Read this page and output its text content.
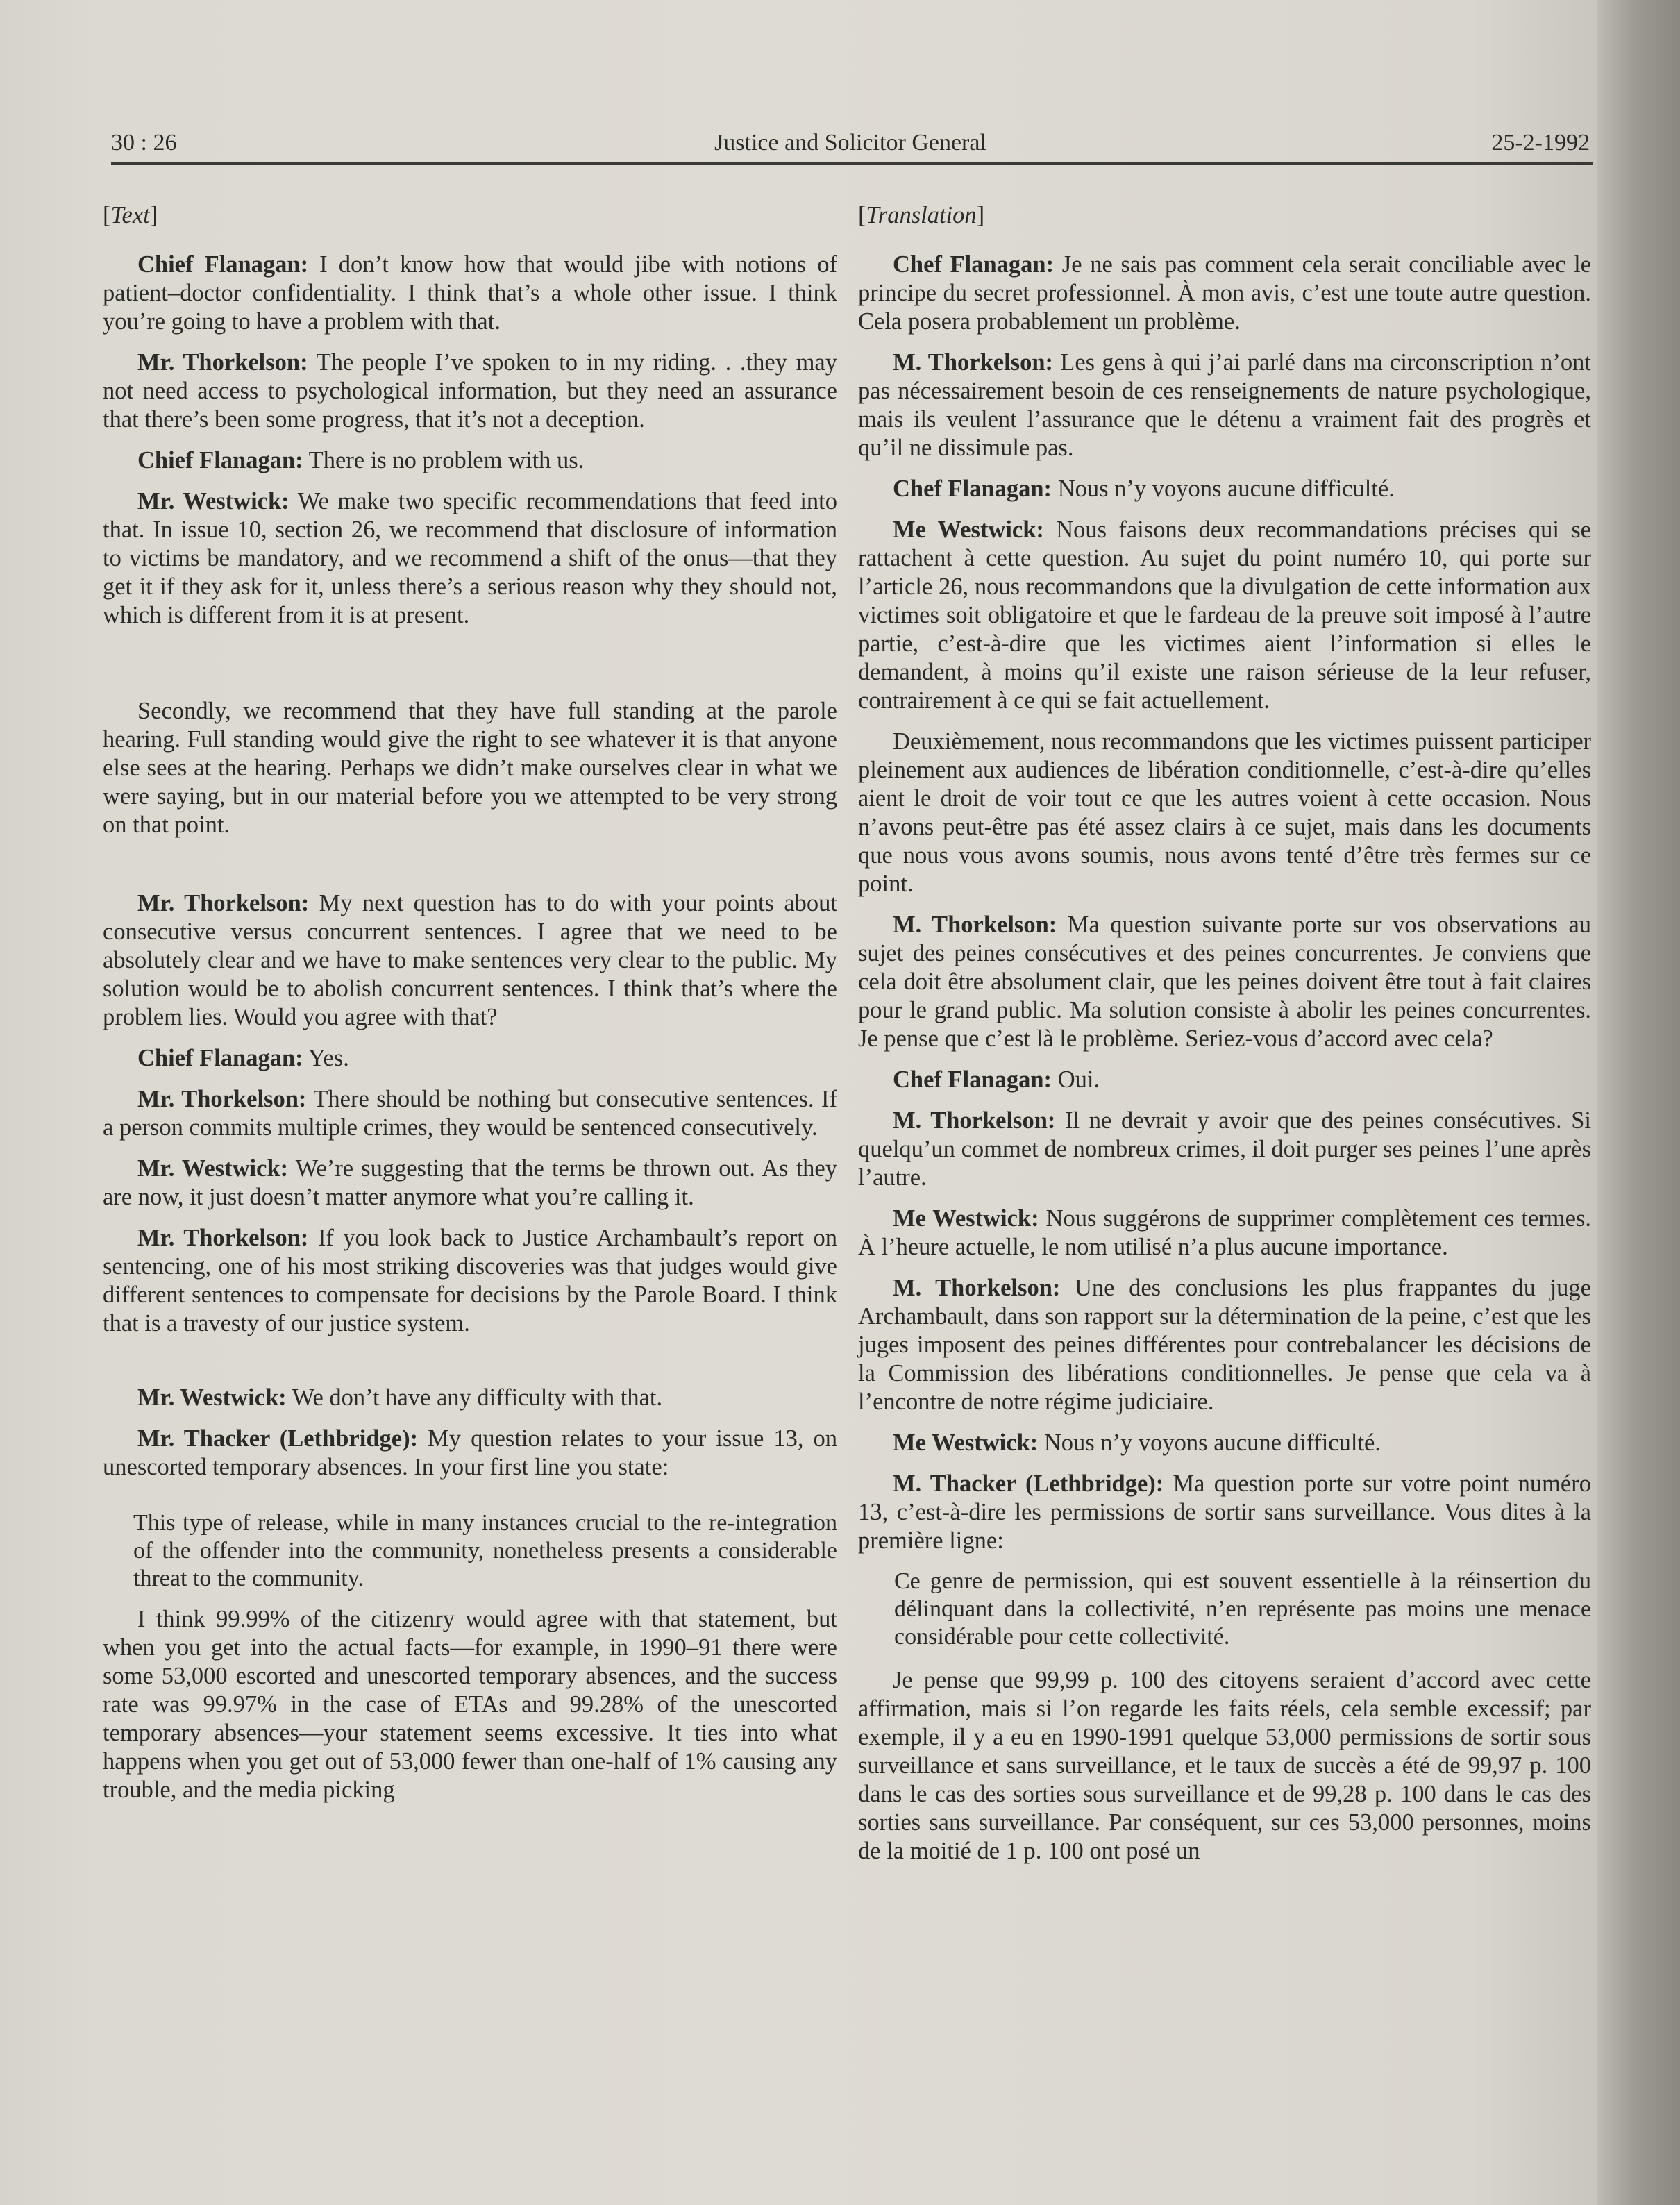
30 : 26	Justice and Solicitor General	25-2-1992

[Text]

Chief Flanagan: I don’t know how that would jibe with notions of patient–doctor confidentiality. I think that’s a whole other issue. I think you’re going to have a problem with that.

Mr. Thorkelson: The people I’ve spoken to in my riding. . .they may not need access to psychological information, but they need an assurance that there’s been some progress, that it’s not a deception.

Chief Flanagan: There is no problem with us.

Mr. Westwick: We make two specific recommendations that feed into that. In issue 10, section 26, we recommend that disclosure of information to victims be mandatory, and we recommend a shift of the onus—that they get it if they ask for it, unless there’s a serious reason why they should not, which is different from it is at present.

Secondly, we recommend that they have full standing at the parole hearing. Full standing would give the right to see whatever it is that anyone else sees at the hearing. Perhaps we didn’t make ourselves clear in what we were saying, but in our material before you we attempted to be very strong on that point.

Mr. Thorkelson: My next question has to do with your points about consecutive versus concurrent sentences. I agree that we need to be absolutely clear and we have to make sentences very clear to the public. My solution would be to abolish concurrent sentences. I think that’s where the problem lies. Would you agree with that?

Chief Flanagan: Yes.

Mr. Thorkelson: There should be nothing but consecutive sentences. If a person commits multiple crimes, they would be sentenced consecutively.

Mr. Westwick: We’re suggesting that the terms be thrown out. As they are now, it just doesn’t matter anymore what you’re calling it.

Mr. Thorkelson: If you look back to Justice Archambault’s report on sentencing, one of his most striking discoveries was that judges would give different sentences to compensate for decisions by the Parole Board. I think that is a travesty of our justice system.

Mr. Westwick: We don’t have any difficulty with that.

Mr. Thacker (Lethbridge): My question relates to your issue 13, on unescorted temporary absences. In your first line you state:

This type of release, while in many instances crucial to the re-integration of the offender into the community, nonetheless presents a considerable threat to the community.

I think 99.99% of the citizenry would agree with that statement, but when you get into the actual facts—for example, in 1990–91 there were some 53,000 escorted and unescorted temporary absences, and the success rate was 99.97% in the case of ETAs and 99.28% of the unescorted temporary absences—your statement seems excessive. It ties into what happens when you get out of 53,000 fewer than one-half of 1% causing any trouble, and the media picking

[Translation]

Chef Flanagan: Je ne sais pas comment cela serait conciliable avec le principe du secret professionnel. À mon avis, c’est une toute autre question. Cela posera probablement un problème.

M. Thorkelson: Les gens à qui j’ai parlé dans ma circonscription n’ont pas nécessairement besoin de ces renseignements de nature psychologique, mais ils veulent l’assurance que le détenu a vraiment fait des progrès et qu’il ne dissimule pas.

Chef Flanagan: Nous n’y voyons aucune difficulté.

Me Westwick: Nous faisons deux recommandations précises qui se rattachent à cette question. Au sujet du point numéro 10, qui porte sur l’article 26, nous recommandons que la divulgation de cette information aux victimes soit obligatoire et que le fardeau de la preuve soit imposé à l’autre partie, c’est-à-dire que les victimes aient l’information si elles le demandent, à moins qu’il existe une raison sérieuse de la leur refuser, contrairement à ce qui se fait actuellement.

Deuxièmement, nous recommandons que les victimes puissent participer pleinement aux audiences de libération conditionnelle, c’est-à-dire qu’elles aient le droit de voir tout ce que les autres voient à cette occasion. Nous n’avons peut-être pas été assez clairs à ce sujet, mais dans les documents que nous vous avons soumis, nous avons tenté d’être très fermes sur ce point.

M. Thorkelson: Ma question suivante porte sur vos observations au sujet des peines consécutives et des peines concurrentes. Je conviens que cela doit être absolument clair, que les peines doivent être tout à fait claires pour le grand public. Ma solution consiste à abolir les peines concurrentes. Je pense que c’est là le problème. Seriez-vous d’accord avec cela?

Chef Flanagan: Oui.

M. Thorkelson: Il ne devrait y avoir que des peines consécutives. Si quelqu’un commet de nombreux crimes, il doit purger ses peines l’une après l’autre.

Me Westwick: Nous suggérons de supprimer complètement ces termes. À l’heure actuelle, le nom utilisé n’a plus aucune importance.

M. Thorkelson: Une des conclusions les plus frappantes du juge Archambault, dans son rapport sur la détermination de la peine, c’est que les juges imposent des peines différentes pour contrebalancer les décisions de la Commission des libérations conditionnelles. Je pense que cela va à l’encontre de notre régime judiciaire.

Me Westwick: Nous n’y voyons aucune difficulté.

M. Thacker (Lethbridge): Ma question porte sur votre point numéro 13, c’est-à-dire les permissions de sortir sans surveillance. Vous dites à la première ligne:

Ce genre de permission, qui est souvent essentielle à la réinsertion du délinquant dans la collectivité, n’en représente pas moins une menace considérable pour cette collectivité.

Je pense que 99,99 p. 100 des citoyens seraient d’accord avec cette affirmation, mais si l’on regarde les faits réels, cela semble excessif; par exemple, il y a eu en 1990-1991 quelque 53,000 permissions de sortir sous surveillance et sans surveillance, et le taux de succès a été de 99,97 p. 100 dans le cas des sorties sous surveillance et de 99,28 p. 100 dans le cas des sorties sans surveillance. Par conséquent, sur ces 53,000 personnes, moins de la moitié de 1 p. 100 ont posé un
